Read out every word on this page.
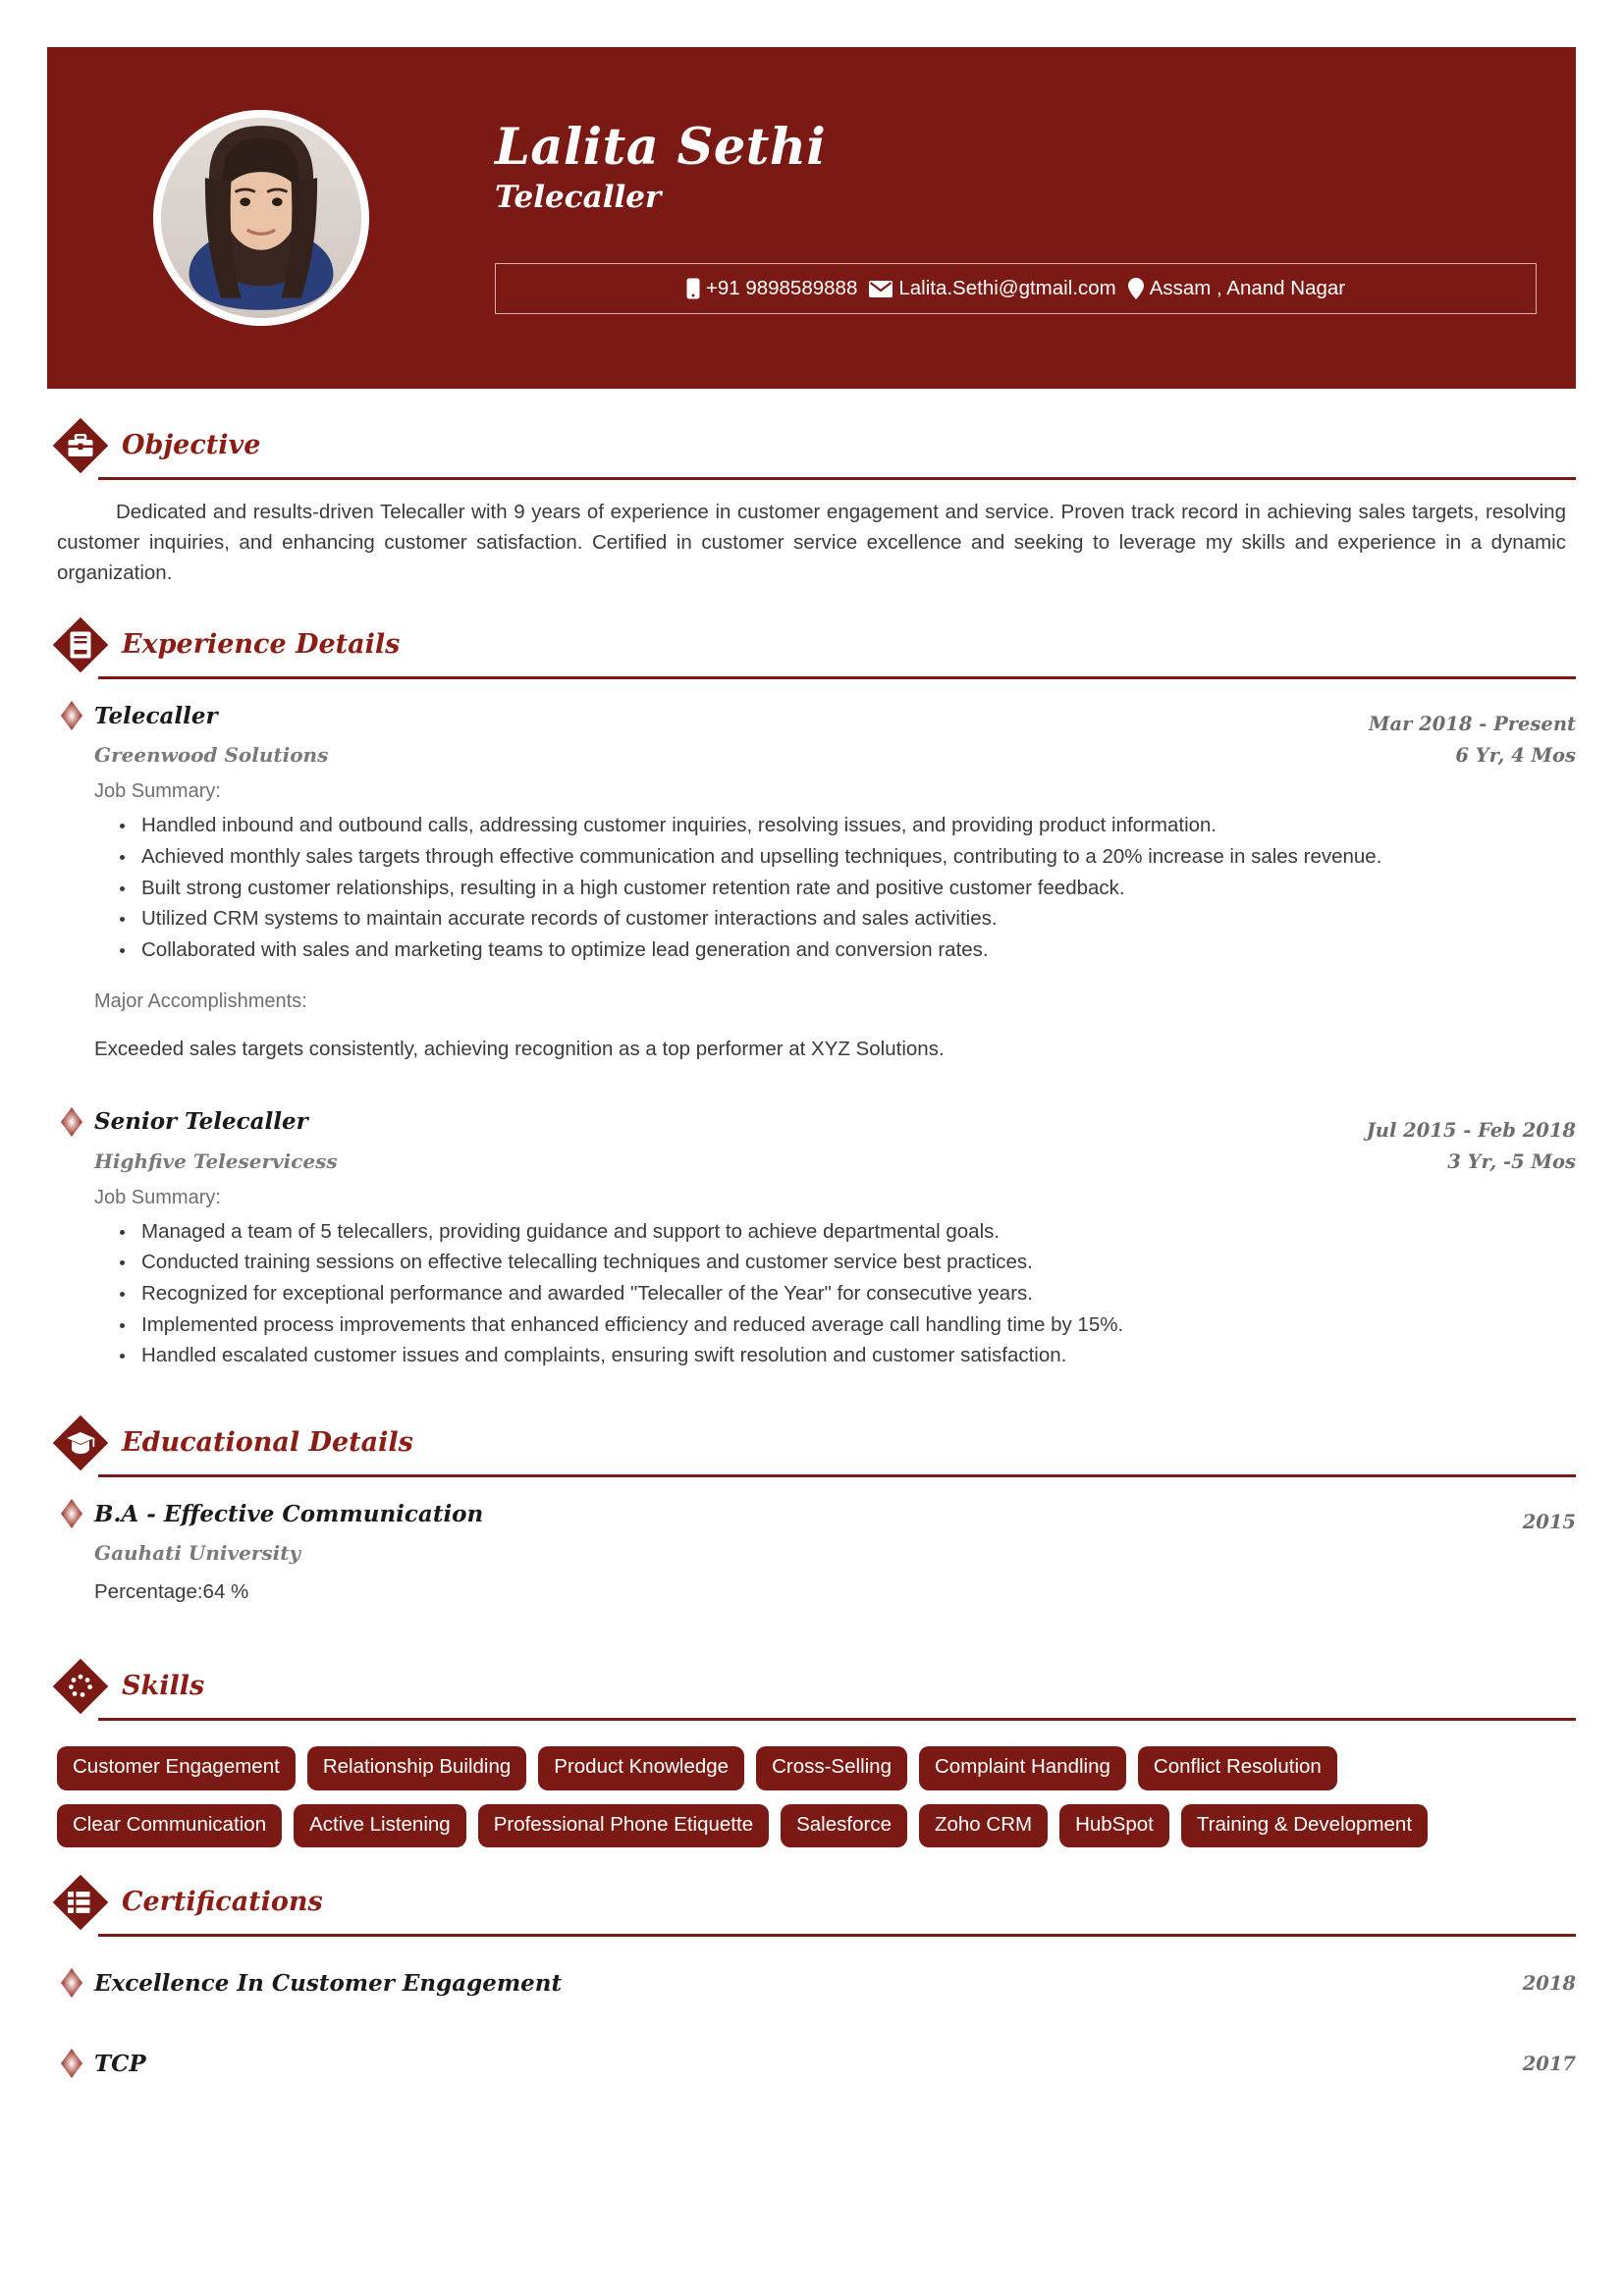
Lalita Sethi
Telecaller
+91 9898589888 Lalita.Sethi@gtmail.com Assam , Anand Nagar
Objective
Dedicated and results-driven Telecaller with 9 years of experience in customer engagement and service. Proven track record in achieving sales targets, resolving customer inquiries, and enhancing customer satisfaction. Certified in customer service excellence and seeking to leverage my skills and experience in a dynamic organization.
Experience Details
Telecaller	Mar 2018 - Present
Greenwood Solutions	6 Yr, 4 Mos
Job Summary:
Handled inbound and outbound calls, addressing customer inquiries, resolving issues, and providing product information.
Achieved monthly sales targets through effective communication and upselling techniques, contributing to a 20% increase in sales revenue.
Built strong customer relationships, resulting in a high customer retention rate and positive customer feedback.
Utilized CRM systems to maintain accurate records of customer interactions and sales activities.
Collaborated with sales and marketing teams to optimize lead generation and conversion rates.
Major Accomplishments:
Exceeded sales targets consistently, achieving recognition as a top performer at XYZ Solutions.
Senior Telecaller	Jul 2015 - Feb 2018
Highfive Teleservicess	3 Yr, -5 Mos
Job Summary:
Managed a team of 5 telecallers, providing guidance and support to achieve departmental goals.
Conducted training sessions on effective telecalling techniques and customer service best practices.
Recognized for exceptional performance and awarded "Telecaller of the Year" for consecutive years.
Implemented process improvements that enhanced efficiency and reduced average call handling time by 15%.
Handled escalated customer issues and complaints, ensuring swift resolution and customer satisfaction.
Educational Details
B.A - Effective Communication	2015
Gauhati University
Percentage:64 %
Skills
Customer Engagement	Relationship Building	Product Knowledge	Cross-Selling	Complaint Handling	Conflict Resolution
Clear Communication	Active Listening	Professional Phone Etiquette	Salesforce	Zoho CRM	HubSpot	Training & Development
Certifications
Excellence In Customer Engagement	2018
TCP	2017
